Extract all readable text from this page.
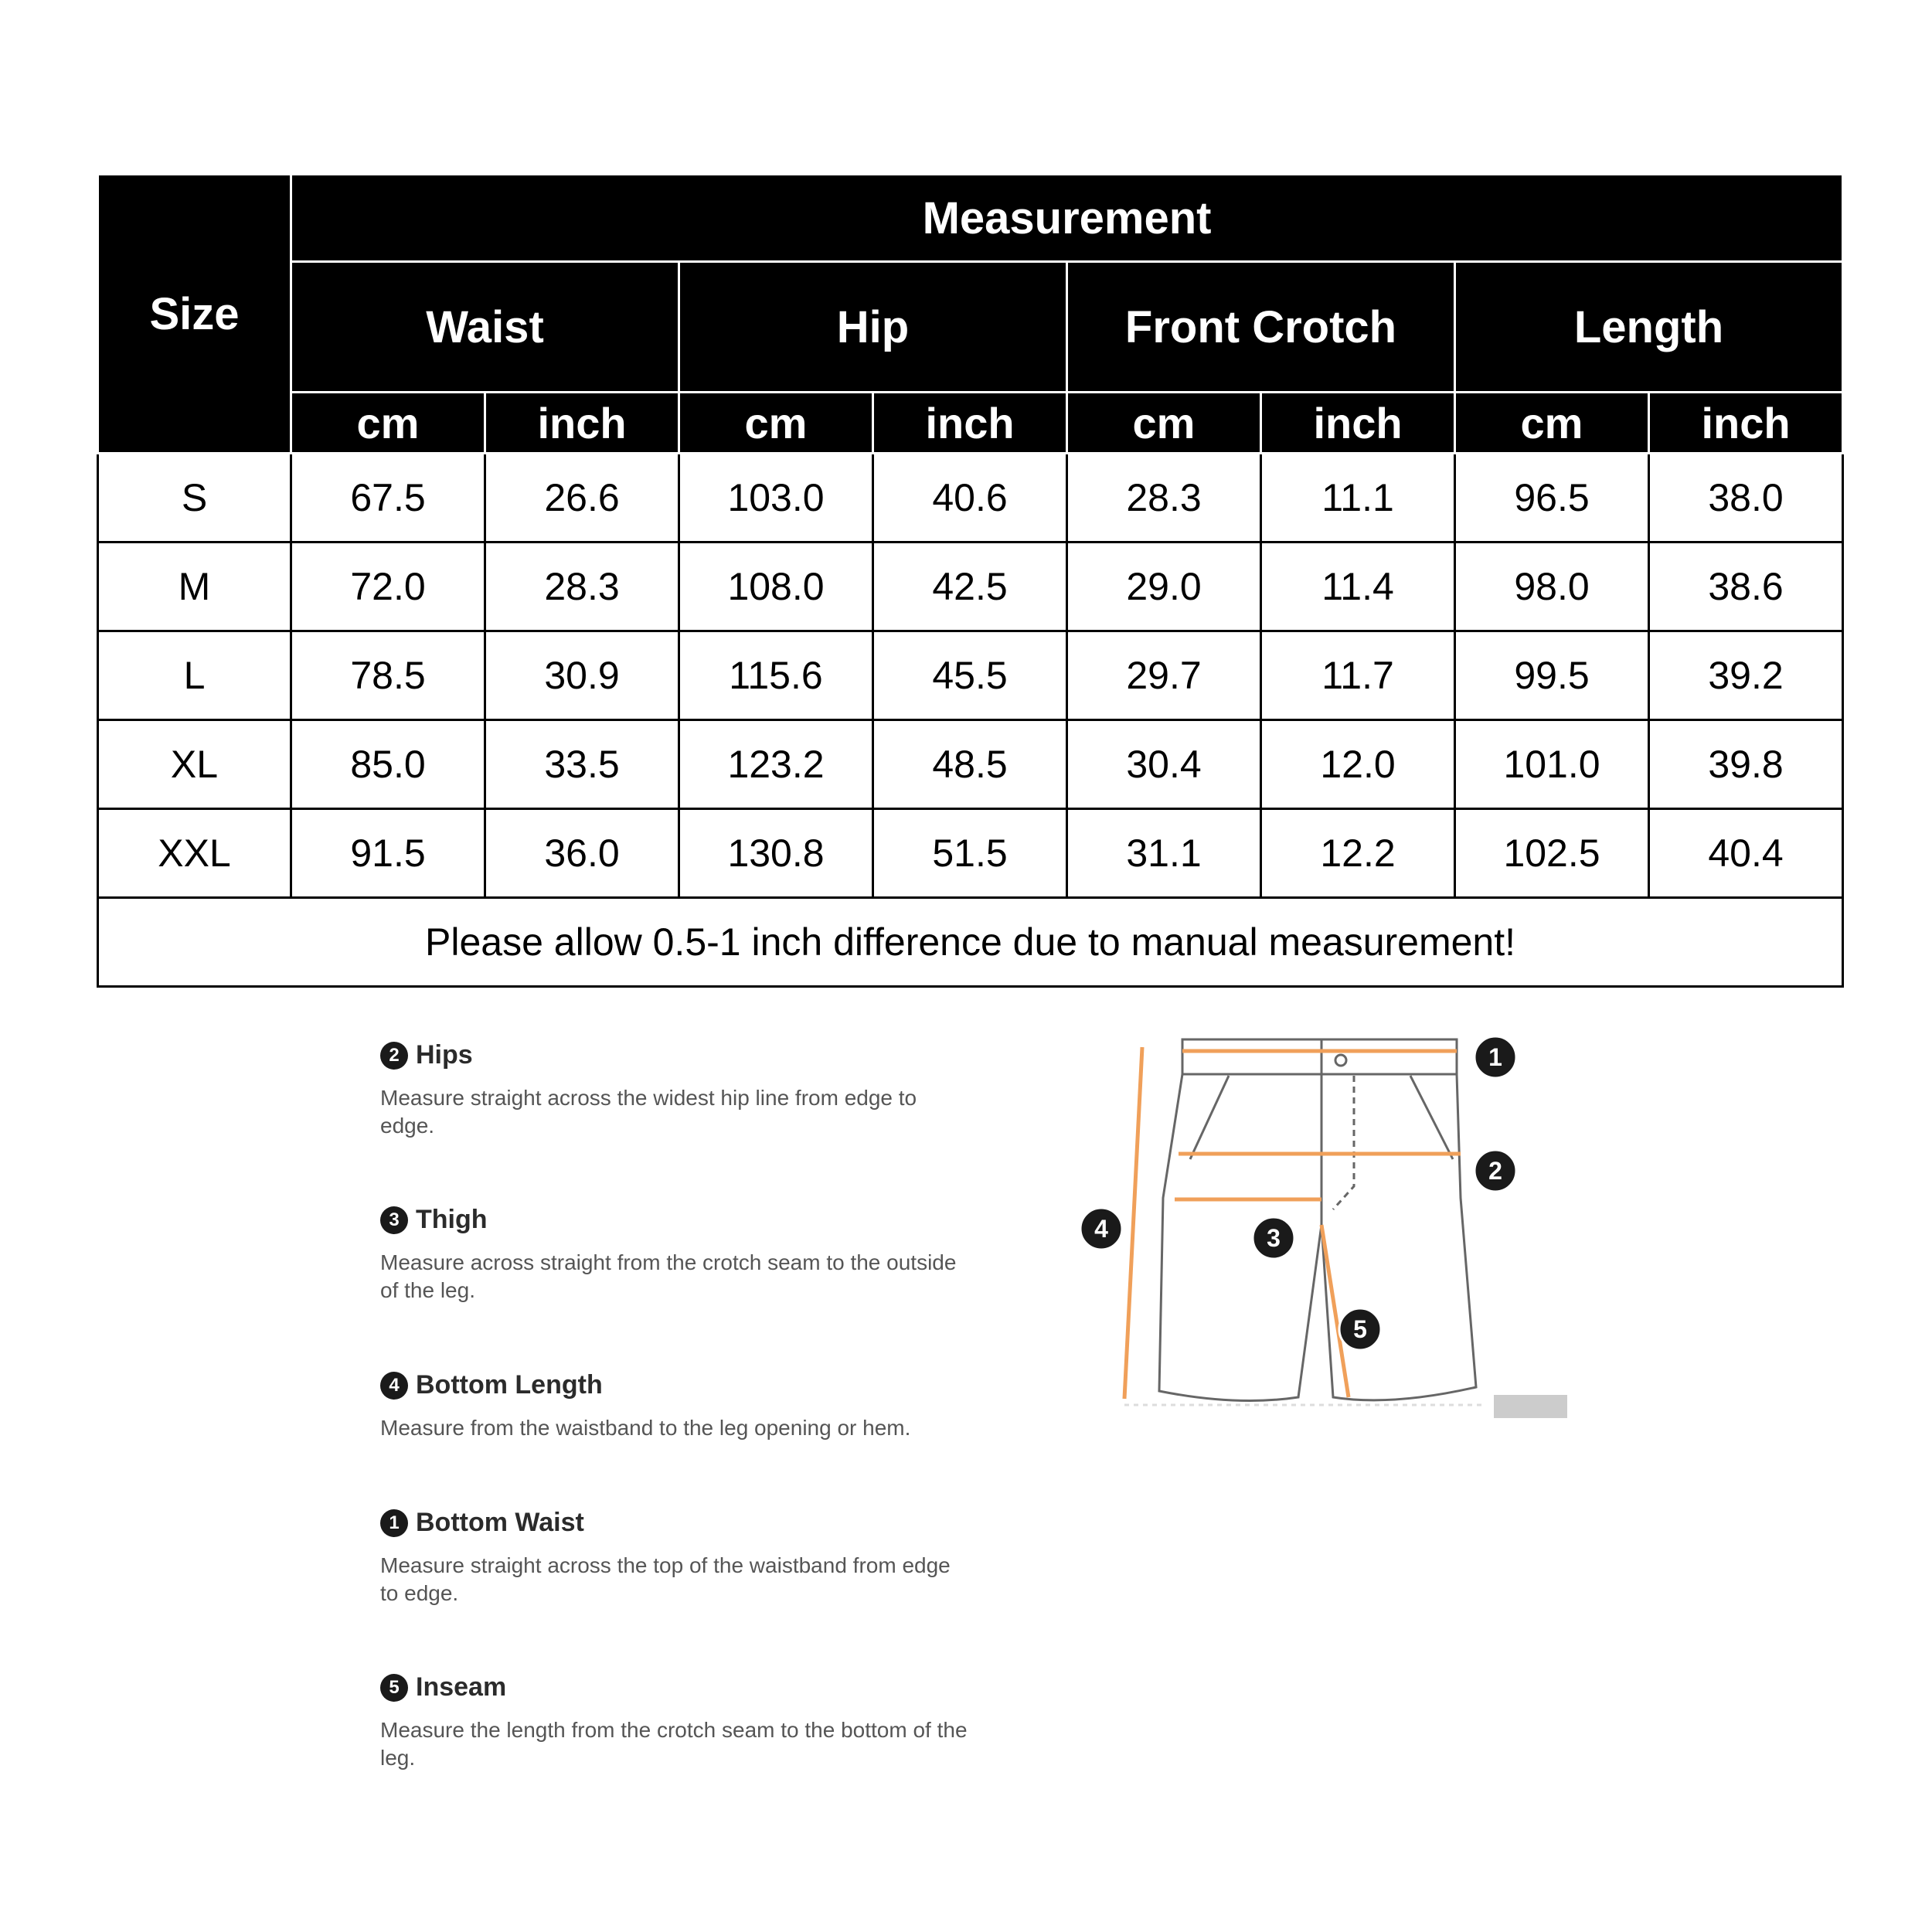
Size	Measurement							
	Waist		Hip		Front Crotch		Length	
	cm	inch	cm	inch	cm	inch	cm	inch
S	67.5	26.6	103.0	40.6	28.3	11.1	96.5	38.0
M	72.0	28.3	108.0	42.5	29.0	11.4	98.0	38.6
L	78.5	30.9	115.6	45.5	29.7	11.7	99.5	39.2
XL	85.0	33.5	123.2	48.5	30.4	12.0	101.0	39.8
XXL	91.5	36.0	130.8	51.5	31.1	12.2	102.5	40.4
Please allow 0.5-1 inch difference due to manual measurement!								
2 Hips
Measure straight across the widest hip line from edge to edge.
3 Thigh
Measure across straight from the crotch seam to the outside of the leg.
4 Bottom Length
Measure from the waistband to the leg opening or hem.
1 Bottom Waist
Measure straight across the top of the waistband from edge to edge.
5 Inseam
Measure the length from the crotch seam to the bottom of the leg.
1
2
3
4
5
